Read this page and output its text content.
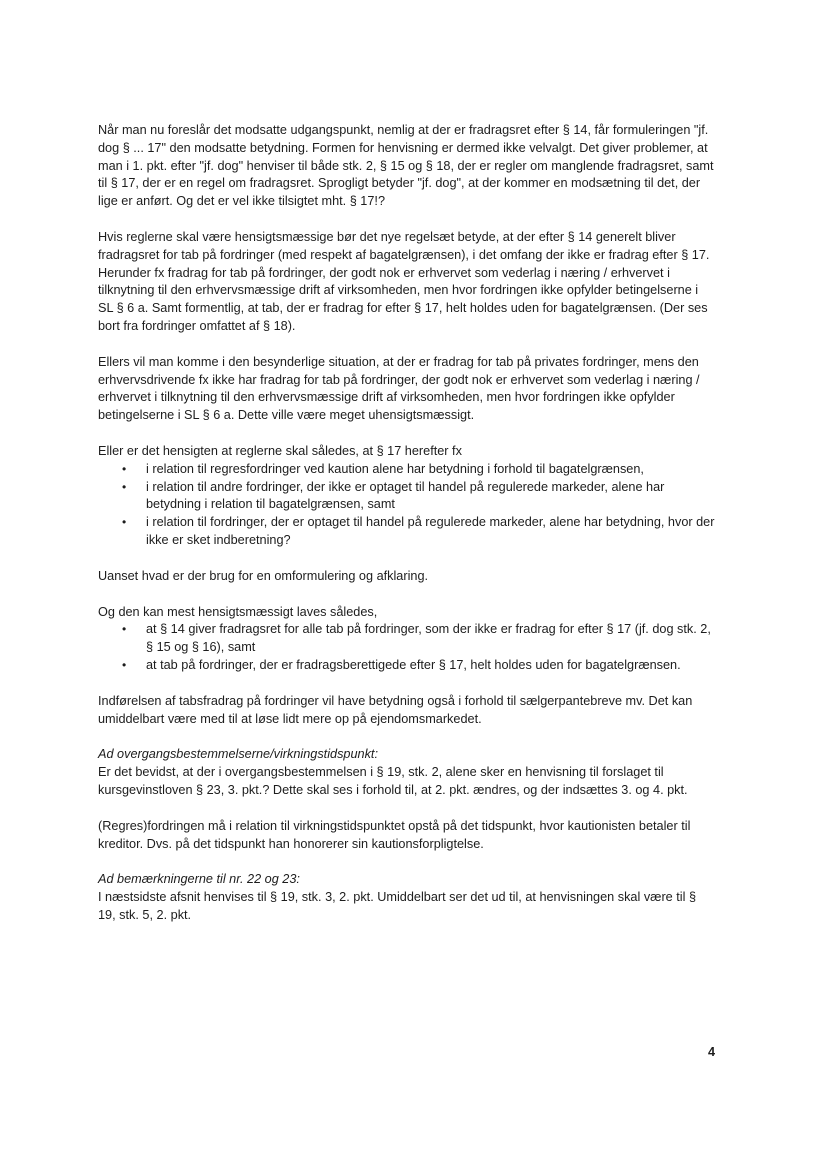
Når man nu foreslår det modsatte udgangspunkt, nemlig at der er fradragsret efter § 14, får formuleringen "jf. dog § ... 17" den modsatte betydning. Formen for henvisning er dermed ikke velvalgt. Det giver problemer, at man i 1. pkt. efter "jf. dog" henviser til både stk. 2, § 15 og § 18, der er regler om manglende fradragsret, samt til § 17, der er en regel om fradragsret. Sprogligt betyder "jf. dog", at der kommer en modsætning til det, der lige er anført. Og det er vel ikke tilsigtet mht. § 17!?

Hvis reglerne skal være hensigtsmæssige bør det nye regelsæt betyde, at der efter § 14 generelt bliver fradragsret for tab på fordringer (med respekt af bagatelgrænsen), i det omfang der ikke er fradrag efter § 17. Herunder fx fradrag for tab på fordringer, der godt nok er erhvervet som vederlag i næring / erhvervet i tilknytning til den erhvervsmæssige drift af virksomheden, men hvor fordringen ikke opfylder betingelserne i SL § 6 a. Samt formentlig, at tab, der er fradrag for efter § 17, helt holdes uden for bagatelgrænsen. (Der ses bort fra fordringer omfattet af § 18).

Ellers vil man komme i den besynderlige situation, at der er fradrag for tab på privates fordringer, mens den erhvervsdrivende fx ikke har fradrag for tab på fordringer, der godt nok er erhvervet som vederlag i næring / erhvervet i tilknytning til den erhvervsmæssige drift af virksomheden, men hvor fordringen ikke opfylder betingelserne i SL § 6 a. Dette ville være meget uhensigtsmæssigt.

Eller er det hensigten at reglerne skal således, at § 17 herefter fx
• i relation til regresfordringer ved kaution alene har betydning i forhold til bagatelgrænsen,
• i relation til andre fordringer, der ikke er optaget til handel på regulerede markeder, alene har betydning i relation til bagatelgrænsen, samt
• i relation til fordringer, der er optaget til handel på regulerede markeder, alene har betydning, hvor der ikke er sket indberetning?

Uanset hvad er der brug for en omformulering og afklaring.

Og den kan mest hensigtsmæssigt laves således,
• at § 14 giver fradragsret for alle tab på fordringer, som der ikke er fradrag for efter § 17 (jf. dog stk. 2, § 15 og § 16), samt
• at tab på fordringer, der er fradragsberettigede efter § 17, helt holdes uden for bagatelgrænsen.

Indførelsen af tabsfradrag på fordringer vil have betydning også i forhold til sælgerpantebreve mv. Det kan umiddelbart være med til at løse lidt mere op på ejendomsmarkedet.

Ad overgangsbestemmelserne/virkningstidspunkt:
Er det bevidst, at der i overgangsbestemmelsen i § 19, stk. 2, alene sker en henvisning til forslaget til kursgevinstloven § 23, 3. pkt.? Dette skal ses i forhold til, at 2. pkt. ændres, og der indsættes 3. og 4. pkt.

(Regres)fordringen må i relation til virkningstidspunktet opstå på det tidspunkt, hvor kautionisten betaler til kreditor. Dvs. på det tidspunkt han honorerer sin kautionsforpligtelse.

Ad bemærkningerne til nr. 22 og 23:
I næstsidste afsnit henvises til § 19, stk. 3, 2. pkt. Umiddelbart ser det ud til, at henvisningen skal være til § 19, stk. 5, 2. pkt.
4
